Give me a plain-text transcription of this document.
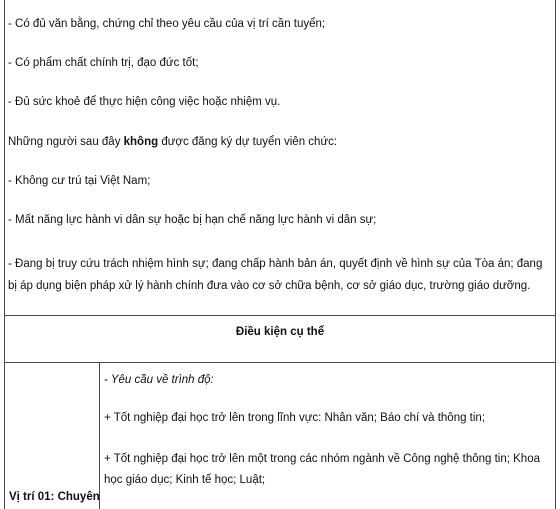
- Có đủ văn bằng, chứng chỉ theo yêu cầu của vị trí cần tuyển;
- Có phẩm chất chính trị, đạo đức tốt;
- Đủ sức khoẻ để thực hiện công việc hoặc nhiệm vụ.
Những người sau đây không được đăng ký dự tuyển viên chức:
- Không cư trú tại Việt Nam;
- Mất năng lực hành vi dân sự hoặc bị hạn chế năng lực hành vi dân sự;
- Đang bị truy cứu trách nhiệm hình sự; đang chấp hành bản án, quyết định về hình sự của Tòa án; đang bị áp dụng biện pháp xử lý hành chính đưa vào cơ sở chữa bệnh, cơ sở giáo dục, trường giáo dưỡng.
Điều kiện cụ thể
Vị trí 01: Chuyên
- Yêu cầu về trình độ:
+ Tốt nghiệp đại học trở lên trong lĩnh vực: Nhân văn; Báo chí và thông tin;
+ Tốt nghiệp đại học trở lên một trong các nhóm ngành về Công nghệ thông tin; Khoa học giáo dục; Kinh tế học; Luật;
